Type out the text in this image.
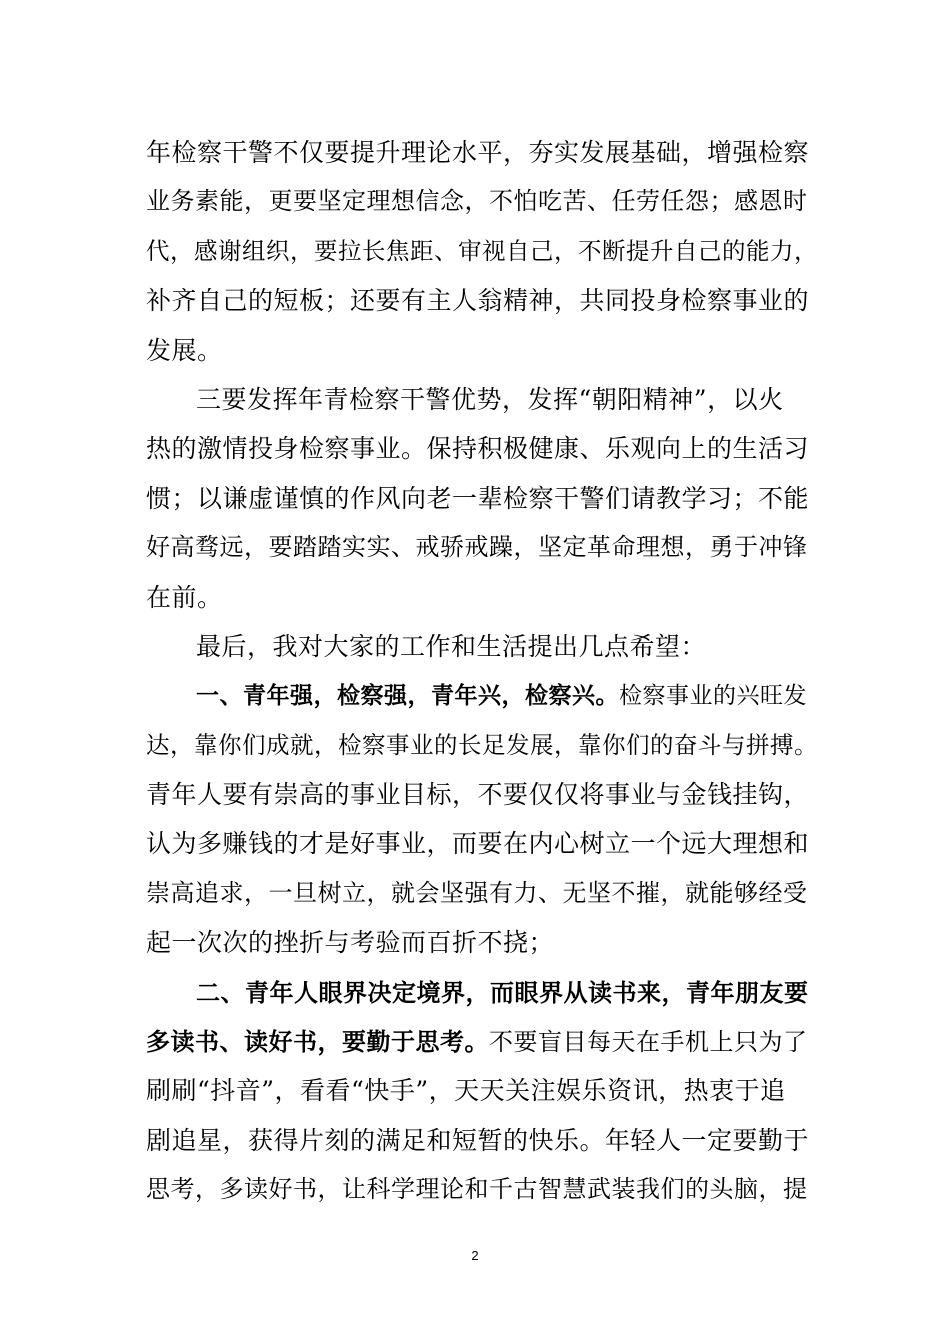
年检察干警不仅要提升理论水平，夯实发展基础，增强检察
业务素能，更要坚定理想信念，不怕吃苦、任劳任怨；感恩时
代，感谢组织，要拉长焦距、审视自己，不断提升自己的能力，
补齐自己的短板；还要有主人翁精神，共同投身检察事业的
发展。
三要发挥年青检察干警优势，发挥“朝阳精神”，以火
热的激情投身检察事业。保持积极健康、乐观向上的生活习
惯；以谦虚谨慎的作风向老一辈检察干警们请教学习；不能
好高骛远，要踏踏实实、戒骄戒躁，坚定革命理想，勇于冲锋
在前。
最后，我对大家的工作和生活提出几点希望：
一、青年强，检察强，青年兴，检察兴。检察事业的兴旺发
达，靠你们成就，检察事业的长足发展，靠你们的奋斗与拼搏。
青年人要有崇高的事业目标，不要仅仅将事业与金钱挂钩，
认为多赚钱的才是好事业，而要在内心树立一个远大理想和
崇高追求，一旦树立，就会坚强有力、无坚不摧，就能够经受
起一次次的挫折与考验而百折不挠；
二、青年人眼界决定境界，而眼界从读书来，青年朋友要
多读书、读好书，要勤于思考。不要盲目每天在手机上只为了
刷刷“抖音”，看看“快手”，天天关注娱乐资讯，热衷于追
剧追星，获得片刻的满足和短暂的快乐。年轻人一定要勤于
思考，多读好书，让科学理论和千古智慧武装我们的头脑，提
2
